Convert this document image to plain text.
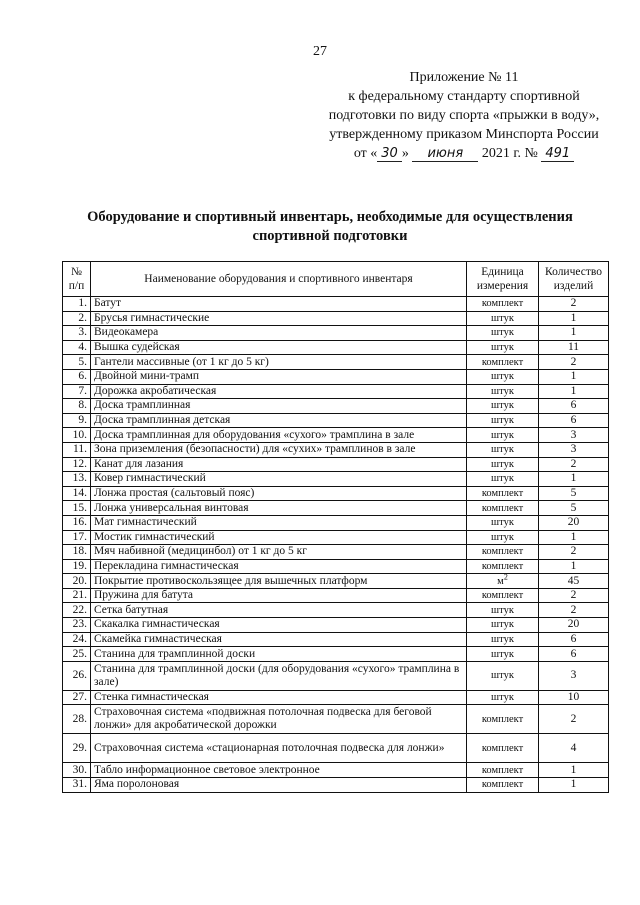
27
Приложение № 11
к федеральному стандарту спортивной
подготовки по виду спорта «прыжки в воду»,
утвержденному приказом Минспорта России
от « 30 » июня 2021 г. № 491
Оборудование и спортивный инвентарь, необходимые для осуществления спортивной подготовки
№ п/п	Наименование оборудования и спортивного инвентаря	Единица измерения	Количество изделий
1.	Батут	комплект	2
2.	Брусья гимнастические	штук	1
3.	Видеокамера	штук	1
4.	Вышка судейская	штук	11
5.	Гантели массивные (от 1 кг до 5 кг)	комплект	2
6.	Двойной мини-трамп	штук	1
7.	Дорожка акробатическая	штук	1
8.	Доска трамплинная	штук	6
9.	Доска трамплинная детская	штук	6
10.	Доска трамплинная для оборудования «сухого» трамплина в зале	штук	3
11.	Зона приземления (безопасности) для «сухих» трамплинов в зале	штук	3
12.	Канат для лазания	штук	2
13.	Ковер гимнастический	штук	1
14.	Лонжа простая (сальтовый пояс)	комплект	5
15.	Лонжа универсальная винтовая	комплект	5
16.	Мат гимнастический	штук	20
17.	Мостик гимнастический	штук	1
18.	Мяч набивной (медицинбол) от 1 кг до 5 кг	комплект	2
19.	Перекладина гимнастическая	комплект	1
20.	Покрытие противоскользящее для вышечных платформ	$м^2$	45
21.	Пружина для батута	комплект	2
22.	Сетка батутная	штук	2
23.	Скакалка гимнастическая	штук	20
24.	Скамейка гимнастическая	штук	6
25.	Станина для трамплинной доски	штук	6
26.	Станина для трамплинной доски (для оборудования «сухого» трамплина в зале)	штук	3
27.	Стенка гимнастическая	штук	10
28.	Страховочная система «подвижная потолочная подвеска для беговой лонжи» для акробатической дорожки	комплект	2
29.	Страховочная система «стационарная потолочная подвеска для лонжи»	комплект	4
30.	Табло информационное световое электронное	комплект	1
31.	Яма поролоновая	комплект	1
